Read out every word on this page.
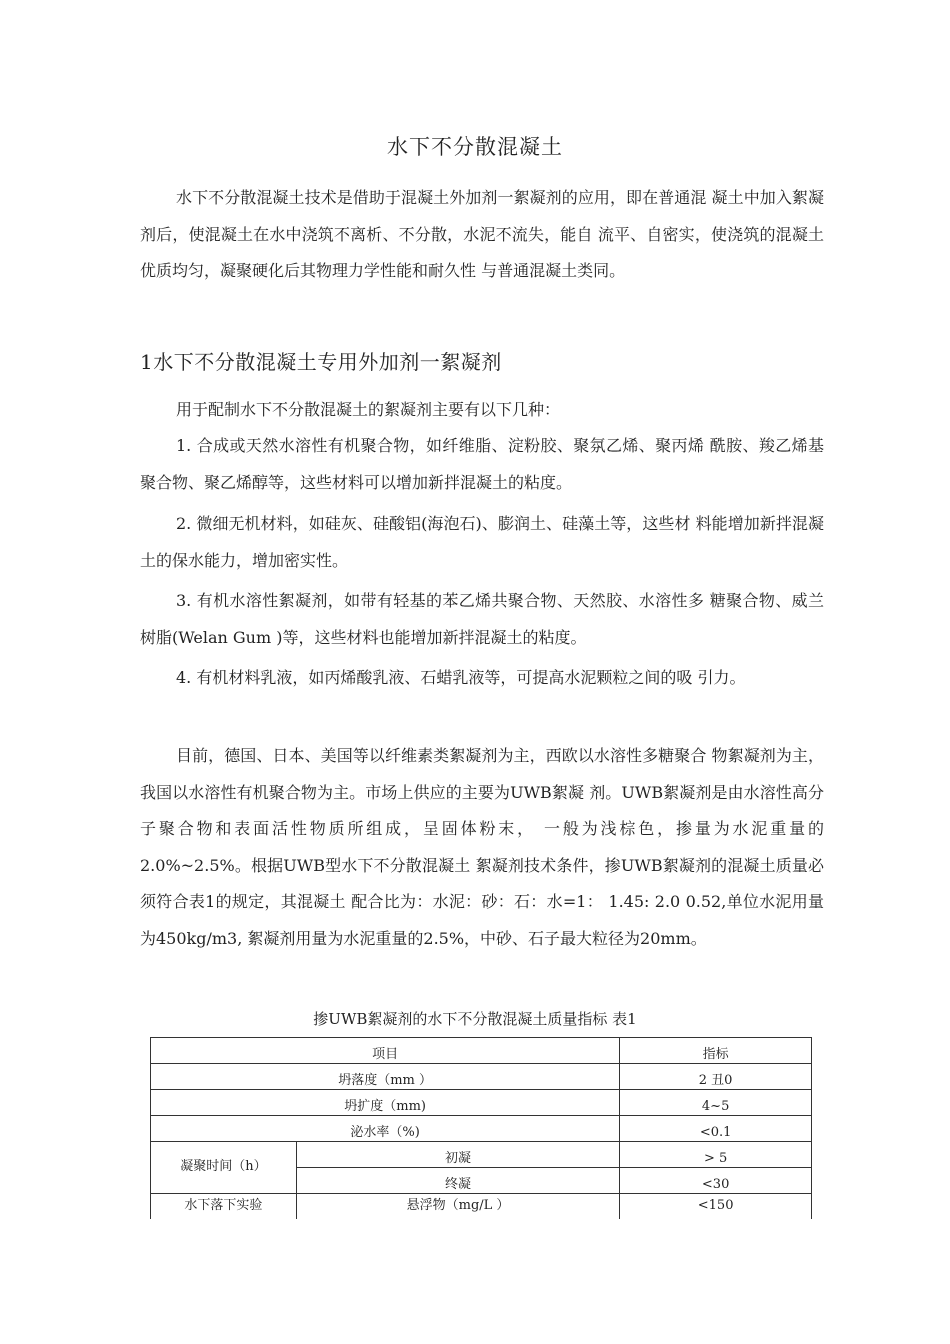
水下不分散混凝土
水下不分散混凝土技术是借助于混凝土外加剂一絮凝剂的应用，即在普通混 凝土中加入絮凝剂后，使混凝土在水中浇筑不离析、不分散，水泥不流失，能自 流平、自密实，使浇筑的混凝土优质均匀，凝聚硬化后其物理力学性能和耐久性 与普通混凝土类同。
1水下不分散混凝土专用外加剂一絮凝剂
用于配制水下不分散混凝土的絮凝剂主要有以下几种：
1. 合成或天然水溶性有机聚合物，如纤维脂、淀粉胶、聚氛乙烯、聚丙烯 酰胺、羧乙烯基聚合物、聚乙烯醇等，这些材料可以增加新拌混凝土的粘度。
2. 微细无机材料，如硅灰、硅酸铝(海泡石)、膨润土、硅藻土等，这些材 料能增加新拌混凝土的保水能力，增加密实性。
3. 有机水溶性絮凝剂，如带有轻基的苯乙烯共聚合物、天然胶、水溶性多 糖聚合物、威兰树脂(Welan Gum )等，这些材料也能增加新拌混凝土的粘度。
4. 有机材料乳液，如丙烯酸乳液、石蜡乳液等，可提高水泥颗粒之间的吸 引力。
目前，德国、日本、美国等以纤维素类絮凝剂为主，西欧以水溶性多糖聚合 物絮凝剂为主，我国以水溶性有机聚合物为主。市场上供应的主要为UWB絮凝 剂。UWB絮凝剂是由水溶性高分子聚合物和表面活性物质所组成，呈固体粉末， 一般为浅棕色，掺量为水泥重量的2.0%~2.5%。根据UWB型水下不分散混凝土 絮凝剂技术条件，掺UWB絮凝剂的混凝土质量必须符合表1的规定，其混凝土 配合比为：水泥：砂：石：水=1： 1.45: 2.0 0.52,单位水泥用量为450kg/m3, 絮凝剂用量为水泥重量的2.5%，中砂、石子最大粒径为20mm。
掺UWB絮凝剂的水下不分散混凝土质量指标 表1
项目		指标
坍落度（mm ）		2 丑0
坍扩度（mm)		4~5
泌水率（%)		<0.1
凝聚时间（h）	初凝	> 5
	终凝	<30
水下落下实验	悬浮物（mg/L ）	<150
